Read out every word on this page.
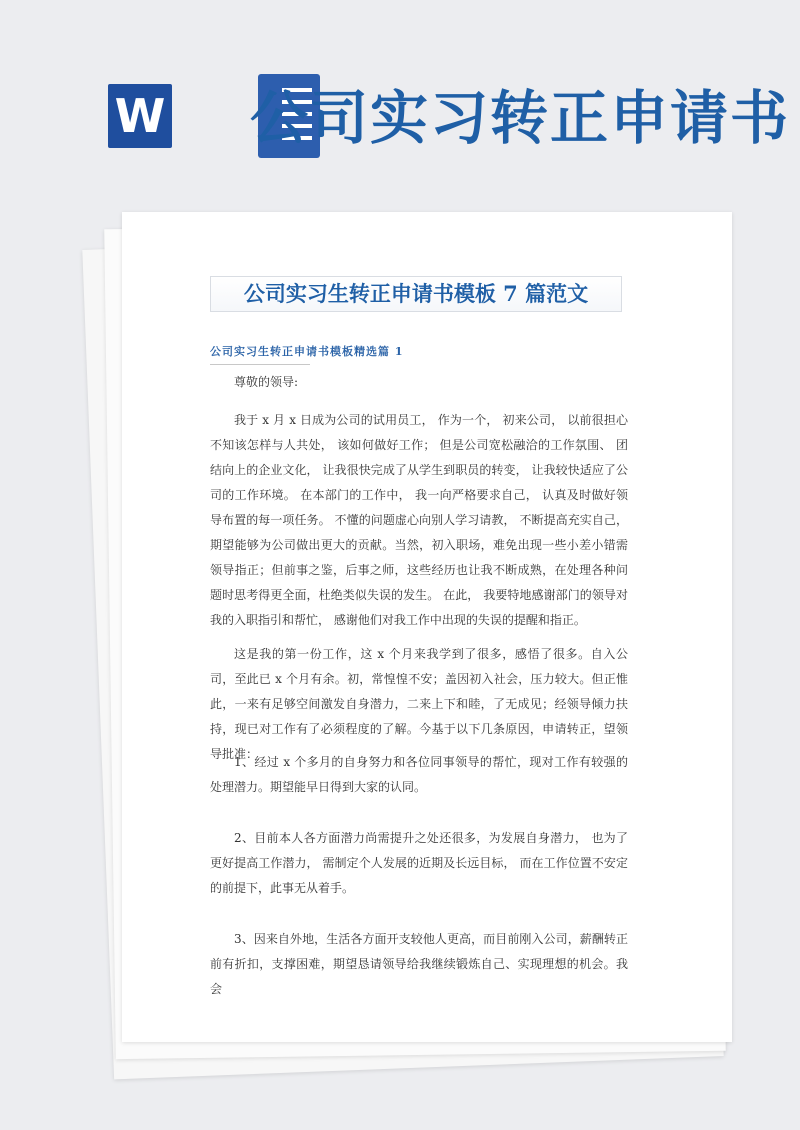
W 公司实习转正申请书
公司实习生转正申请书模板 7 篇范文
公司实习生转正申请书模板精选篇 1
尊敬的领导:

我于 x 月 x 日成为公司的试用员工， 作为一个， 初来公司， 以前很担心不知该怎样与人共处， 该如何做好工作； 但是公司宽松融洽的工作氛围、 团结向上的企业文化， 让我很快完成了从学生到职员的转变， 让我较快适应了公司的工作环境。 在本部门的工作中， 我一向严格要求自己， 认真及时做好领导布置的每一项任务。 不懂的问题虚心向别人学习请教， 不断提高充实自己， 期望能够为公司做出更大的贡献。当然，初入职场，难免出现一些小差小错需领导指正；但前事之鉴，后事之师，这些经历也让我不断成熟，在处理各种问题时思考得更全面，杜绝类似失误的发生。 在此， 我要特地感谢部门的领导对我的入职指引和帮忙， 感谢他们对我工作中出现的失误的提醒和指正。

这是我的第一份工作，这 x 个月来我学到了很多，感悟了很多。自入公司，至此已 x 个月有余。初，常惶惶不安；盖因初入社会，压力较大。但正惟此，一来有足够空间激发自身潜力，二来上下和睦，了无成见；经领导倾力扶持，现已对工作有了必须程度的了解。今基于以下几条原因，申请转正，望领导批准：

1、经过 x 个多月的自身努力和各位同事领导的帮忙，现对工作有较强的处理潜力。期望能早日得到大家的认同。

2、目前本人各方面潜力尚需提升之处还很多，为发展自身潜力， 也为了更好提高工作潜力， 需制定个人发展的近期及长远目标， 而在工作位置不安定的前提下，此事无从着手。

3、因来自外地，生活各方面开支较他人更高，而目前刚入公司，薪酬转正前有折扣，支撑困难，期望恳请领导给我继续锻炼自己、实现理想的机会。我会
